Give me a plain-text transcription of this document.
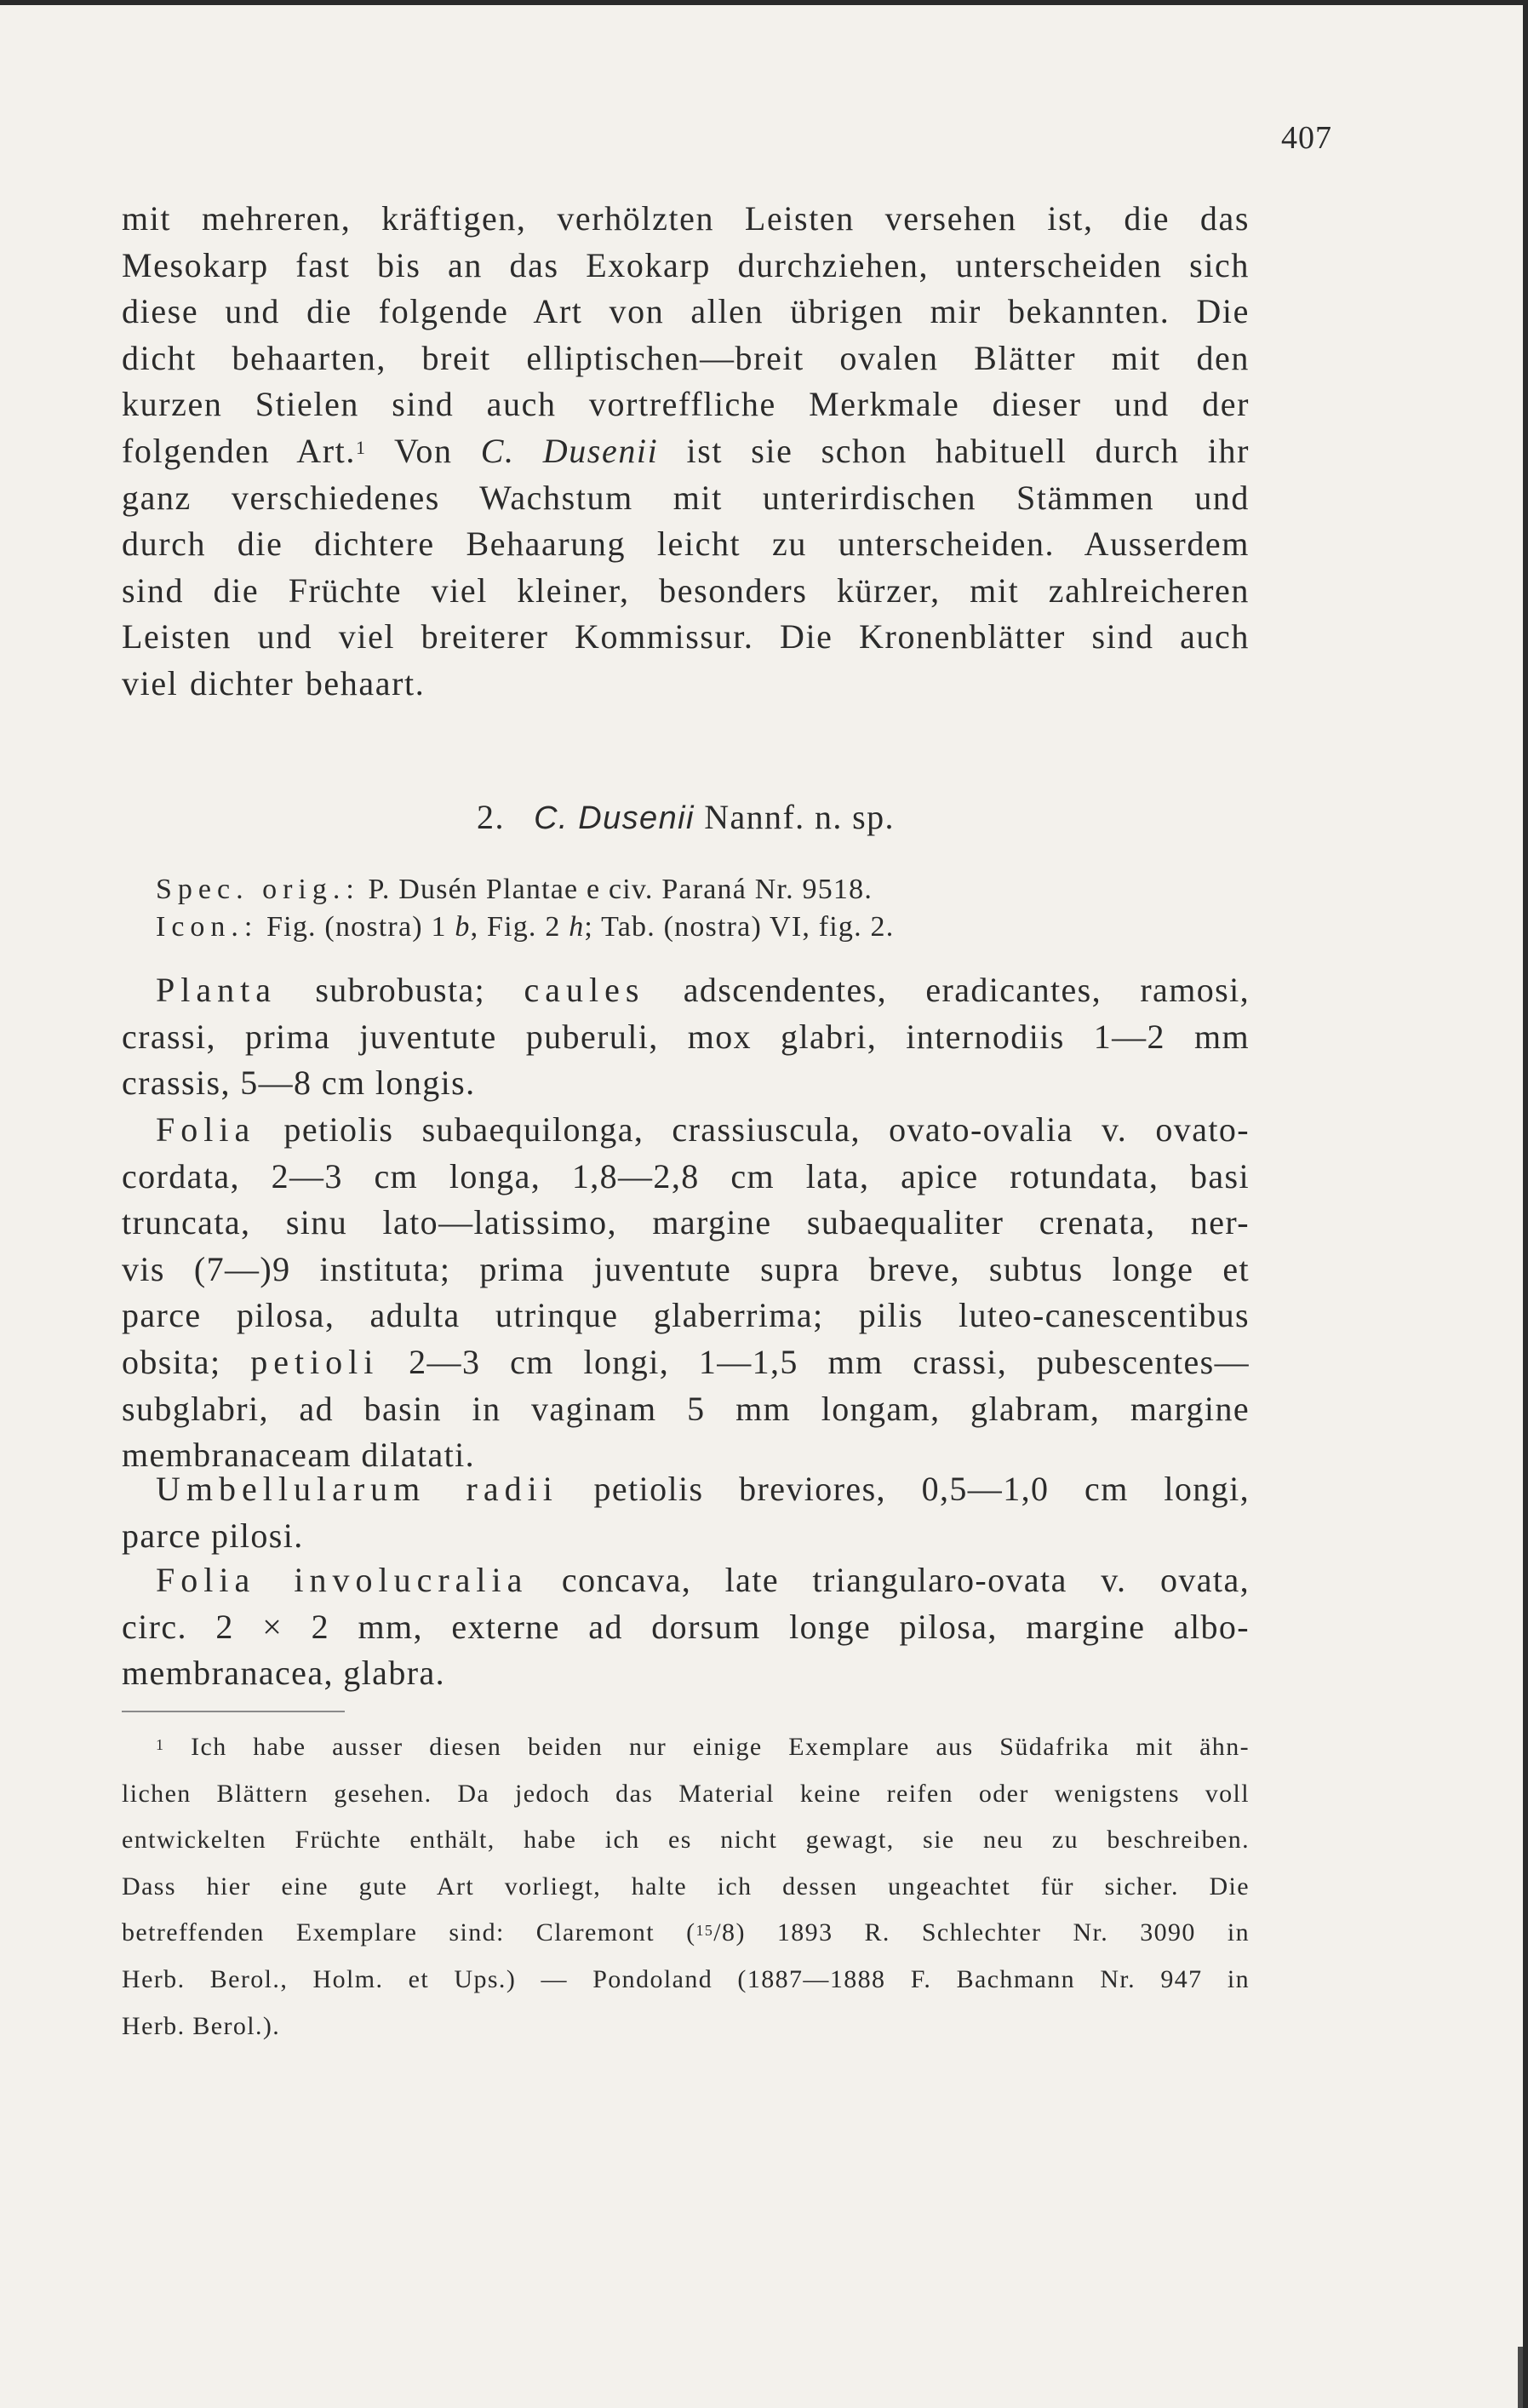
407
mit mehreren, kräftigen, verhölzten Leisten versehen ist, die das
Mesokarp fast bis an das Exokarp durchziehen, unterscheiden sich
diese und die folgende Art von allen übrigen mir bekannten. Die
dicht behaarten, breit elliptischen—breit ovalen Blätter mit den
kurzen Stielen sind auch vortreffliche Merkmale dieser und der
folgenden Art.$^1$ Von C. Dusenii ist sie schon habituell durch ihr
ganz verschiedenes Wachstum mit unterirdischen Stämmen und
durch die dichtere Behaarung leicht zu unterscheiden. Ausserdem
sind die Früchte viel kleiner, besonders kürzer, mit zahlreicheren
Leisten und viel breiterer Kommissur. Die Kronenblätter sind auch
viel dichter behaart.
2. C. Dusenii Nannf. n. sp.
Spec. orig.: P. Dusén Plantae e civ. Paraná Nr. 9518.
Icon.: Fig. (nostra) 1 b, Fig. 2 h; Tab. (nostra) VI, fig. 2.
Planta subrobusta; caules adscendentes, eradicantes, ramosi,
crassi, prima juventute puberuli, mox glabri, internodiis 1—2 mm
crassis, 5—8 cm longis.
Folia petiolis subaequilonga, crassiuscula, ovato-ovalia v. ovato-
cordata, 2—3 cm longa, 1,8—2,8 cm lata, apice rotundata, basi
truncata, sinu lato—latissimo, margine subaequaliter crenata, ner-
vis (7—)9 instituta; prima juventute supra breve, subtus longe et
parce pilosa, adulta utrinque glaberrima; pilis luteo-canescentibus
obsita; petioli 2—3 cm longi, 1—1,5 mm crassi, pubescentes—
subglabri, ad basin in vaginam 5 mm longam, glabram, margine
membranaceam dilatati.
Umbellularum radii petiolis breviores, 0,5—1,0 cm longi,
parce pilosi.
Folia involucralia concava, late triangularo-ovata v. ovata,
circ. 2 × 2 mm, externe ad dorsum longe pilosa, margine albo-
membranacea, glabra.
$^1$ Ich habe ausser diesen beiden nur einige Exemplare aus Südafrika mit ähn-
lichen Blättern gesehen. Da jedoch das Material keine reifen oder wenigstens voll
entwickelten Früchte enthält, habe ich es nicht gewagt, sie neu zu beschreiben.
Dass hier eine gute Art vorliegt, halte ich dessen ungeachtet für sicher. Die
betreffenden Exemplare sind: Claremont ($^{15}$/8) 1893 R. Schlechter Nr. 3090 in
Herb. Berol., Holm. et Ups.) — Pondoland (1887—1888 F. Bachmann Nr. 947 in
Herb. Berol.).
